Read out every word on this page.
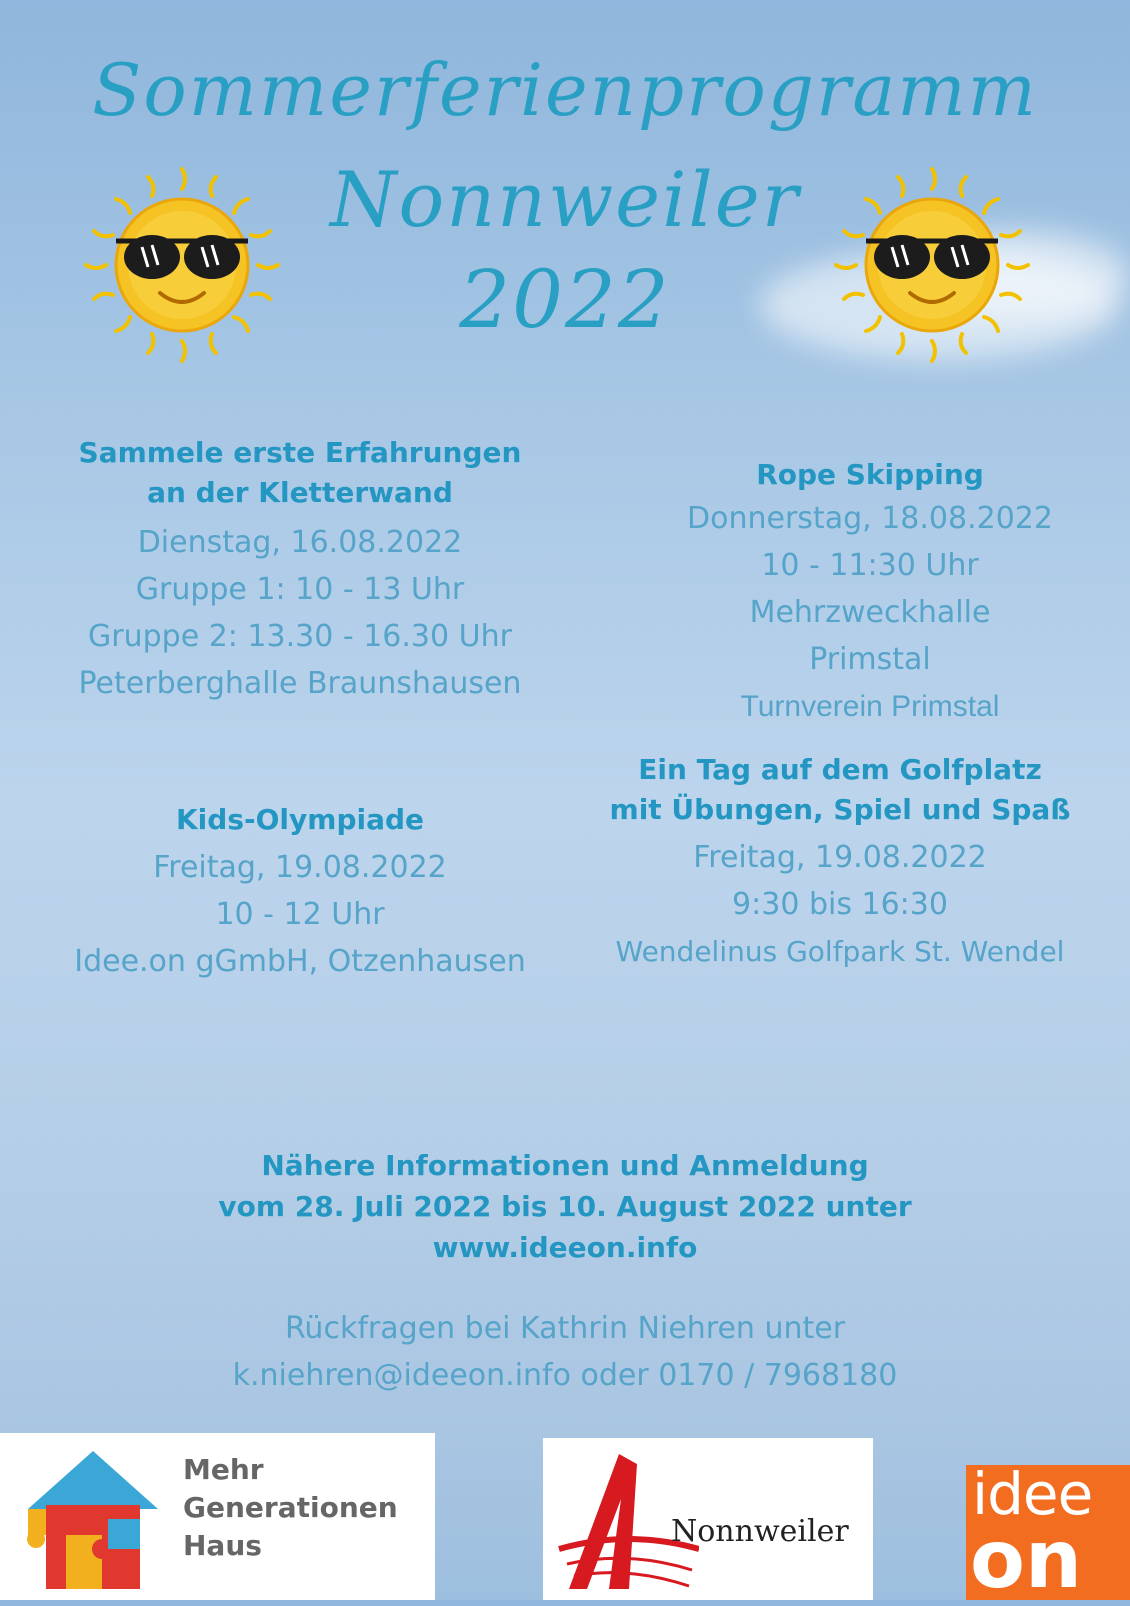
Sommerferienprogramm
Nonnweiler
2022
Sammele erste Erfahrungen
an der Kletterwand
Dienstag, 16.08.2022
Gruppe 1: 10 - 13 Uhr
Gruppe 2: 13.30 - 16.30 Uhr
Peterberghalle Braunshausen
Rope Skipping
Donnerstag, 18.08.2022
10 - 11:30 Uhr
Mehrzweckhalle
Primstal
Turnverein Primstal
Ein Tag auf dem Golfplatz
mit Übungen, Spiel und Spaß
Freitag, 19.08.2022
9:30 bis 16:30
Wendelinus Golfpark St. Wendel
Kids-Olympiade
Freitag, 19.08.2022
10 - 12 Uhr
Idee.on gGmbH, Otzenhausen
Nähere Informationen und Anmeldung
vom 28. Juli 2022 bis 10. August 2022 unter
www.ideeon.info
Rückfragen bei Kathrin Niehren unter
k.niehren@ideeon.info oder 0170 / 7968180
Mehr
Generationen
Haus	Nonnweiler
idee
on
